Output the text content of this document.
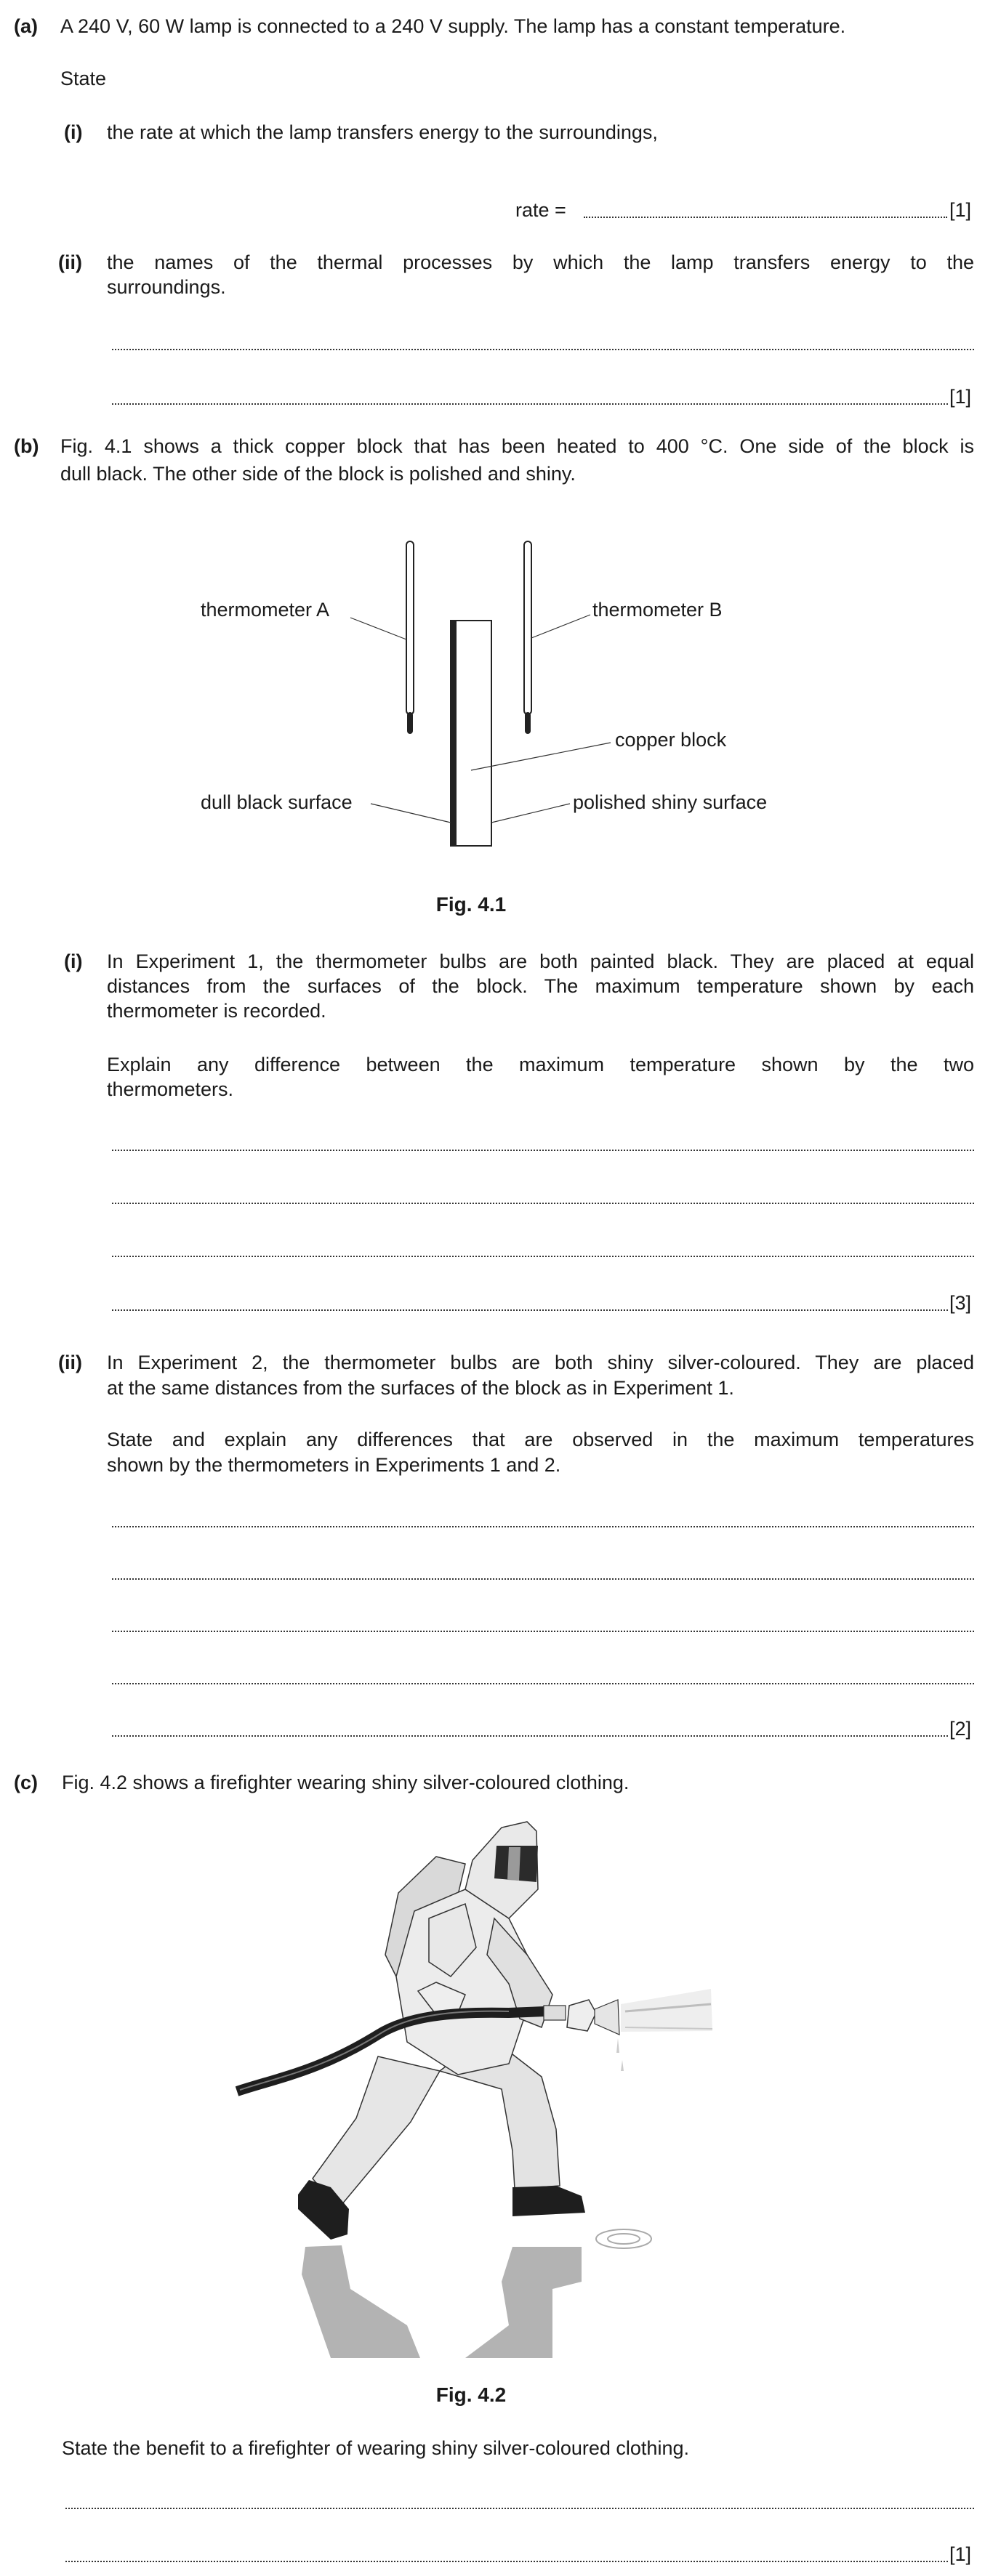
(a) A 240 V, 60 W lamp is connected to a 240 V supply. The lamp has a constant temperature.
State
(i) the rate at which the lamp transfers energy to the surroundings,
rate =	[1]
(ii) the names of the thermal processes by which the lamp transfers energy to the
surroundings.
[1]
(b) Fig. 4.1 shows a thick copper block that has been heated to 400 °C. One side of the block is
dull black. The other side of the block is polished and shiny.
thermometer A	thermometer B
copper block
dull black surface	polished shiny surface
Fig. 4.1
(i) In Experiment 1, the thermometer bulbs are both painted black. They are placed at equal
distances from the surfaces of the block. The maximum temperature shown by each
thermometer is recorded.
Explain any difference between the maximum temperature shown by the two
thermometers.
[3]
(ii) In Experiment 2, the thermometer bulbs are both shiny silver-coloured. They are placed
at the same distances from the surfaces of the block as in Experiment 1.
State and explain any differences that are observed in the maximum temperatures
shown by the thermometers in Experiments 1 and 2.
[2]
(c) Fig. 4.2 shows a firefighter wearing shiny silver-coloured clothing.
Fig. 4.2
State the benefit to a firefighter of wearing shiny silver-coloured clothing.
[1]
